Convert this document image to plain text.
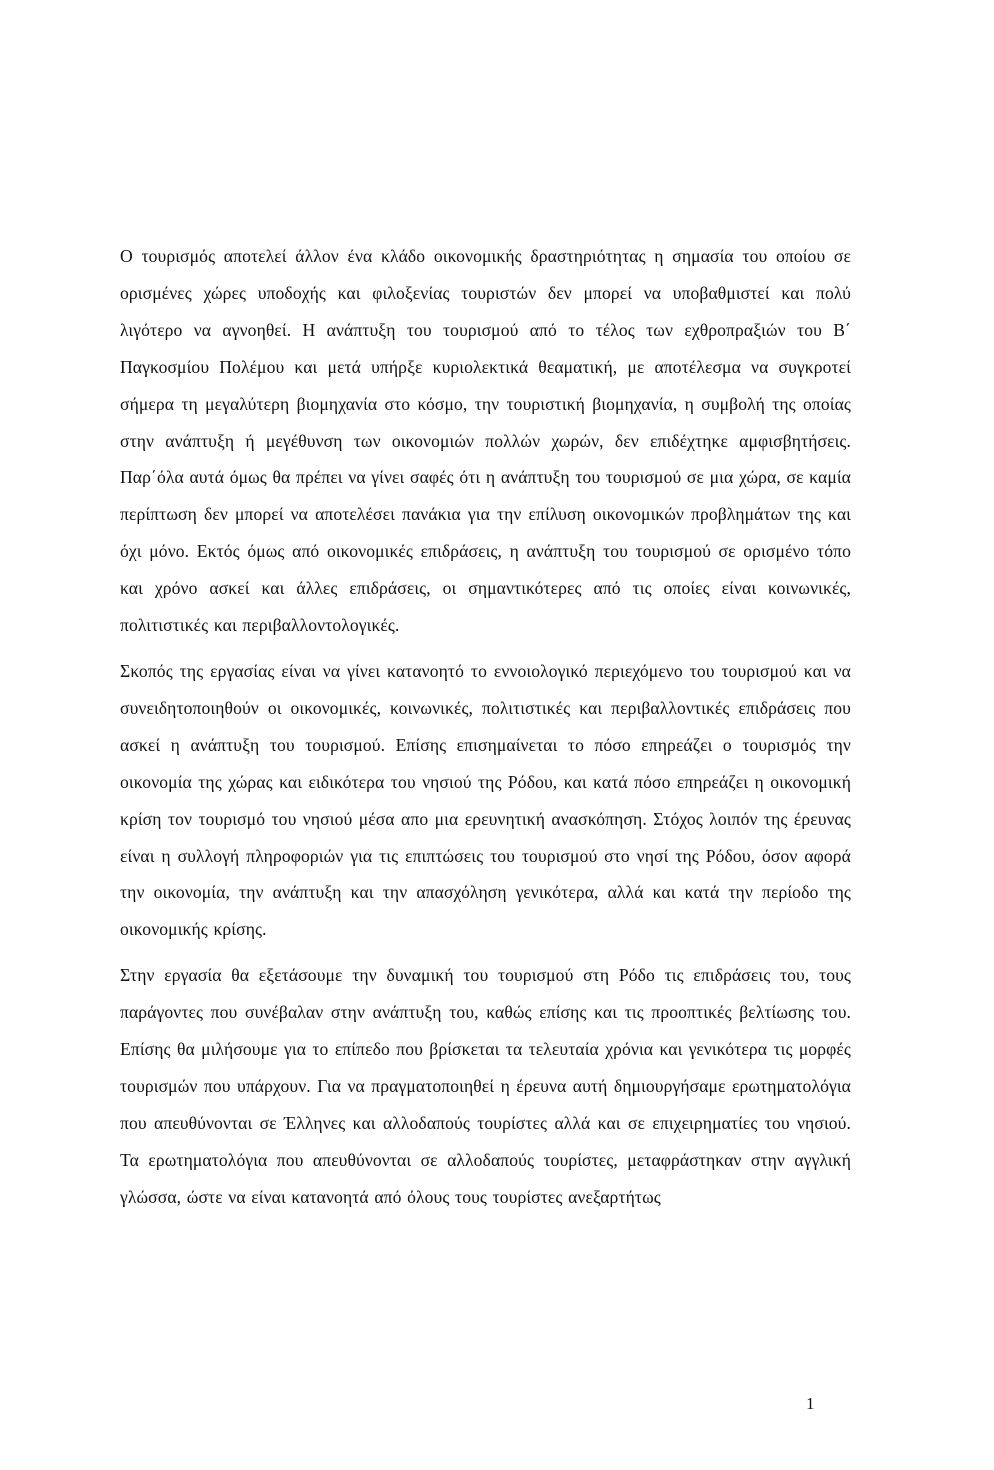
Ο τουρισμός αποτελεί άλλον ένα κλάδο οικονομικής δραστηριότητας η σημασία του οποίου σε ορισμένες χώρες υποδοχής και φιλοξενίας τουριστών δεν μπορεί να υποβαθμιστεί και πολύ λιγότερο να αγνοηθεί. Η ανάπτυξη του τουρισμού από το τέλος των εχθροπραξιών του Β΄ Παγκοσμίου Πολέμου και μετά υπήρξε κυριολεκτικά θεαματική, με αποτέλεσμα να συγκροτεί σήμερα τη μεγαλύτερη βιομηχανία στο κόσμο, την τουριστική βιομηχανία, η συμβολή της οποίας στην ανάπτυξη ή μεγέθυνση των οικονομιών πολλών χωρών, δεν επιδέχτηκε αμφισβητήσεις. Παρ΄όλα αυτά όμως θα πρέπει να γίνει σαφές ότι η ανάπτυξη του τουρισμού σε μια χώρα, σε καμία περίπτωση δεν μπορεί να αποτελέσει πανάκια για την επίλυση οικονομικών προβλημάτων της και όχι μόνο. Εκτός όμως από οικονομικές επιδράσεις, η ανάπτυξη του τουρισμού σε ορισμένο τόπο και χρόνο ασκεί και άλλες επιδράσεις, οι σημαντικότερες από τις οποίες είναι κοινωνικές, πολιτιστικές και περιβαλλοντολογικές.

Σκοπός της εργασίας είναι να γίνει κατανοητό το εννοιολογικό περιεχόμενο του τουρισμού και να συνειδητοποιηθούν οι οικονομικές, κοινωνικές, πολιτιστικές και περιβαλλοντικές επιδράσεις που ασκεί η ανάπτυξη του τουρισμού. Επίσης επισημαίνεται το πόσο επηρεάζει ο τουρισμός την οικονομία της χώρας και ειδικότερα του νησιού της Ρόδου, και κατά πόσο επηρεάζει η οικονομική κρίση τον τουρισμό του νησιού μέσα απο μια ερευνητική ανασκόπηση. Στόχος λοιπόν της έρευνας είναι η συλλογή πληροφοριών για τις επιπτώσεις του τουρισμού στο νησί της Ρόδου, όσον αφορά την οικονομία, την ανάπτυξη και την απασχόληση γενικότερα, αλλά και κατά την περίοδο της οικονομικής κρίσης.

Στην εργασία θα εξετάσουμε την δυναμική του τουρισμού στη Ρόδο τις επιδράσεις του, τους παράγοντες που συνέβαλαν στην ανάπτυξη του, καθώς επίσης και τις προοπτικές βελτίωσης του. Επίσης θα μιλήσουμε για το επίπεδο που βρίσκεται τα τελευταία χρόνια και γενικότερα τις μορφές τουρισμών που υπάρχουν. Για να πραγματοποιηθεί η έρευνα αυτή δημιουργήσαμε ερωτηματολόγια που απευθύνονται σε Έλληνες και αλλοδαπούς τουρίστες αλλά και σε επιχειρηματίες του νησιού. Τα ερωτηματολόγια που απευθύνονται σε αλλοδαπούς τουρίστες, μεταφράστηκαν στην αγγλική γλώσσα, ώστε να είναι κατανοητά από όλους τους τουρίστες ανεξαρτήτως

1
